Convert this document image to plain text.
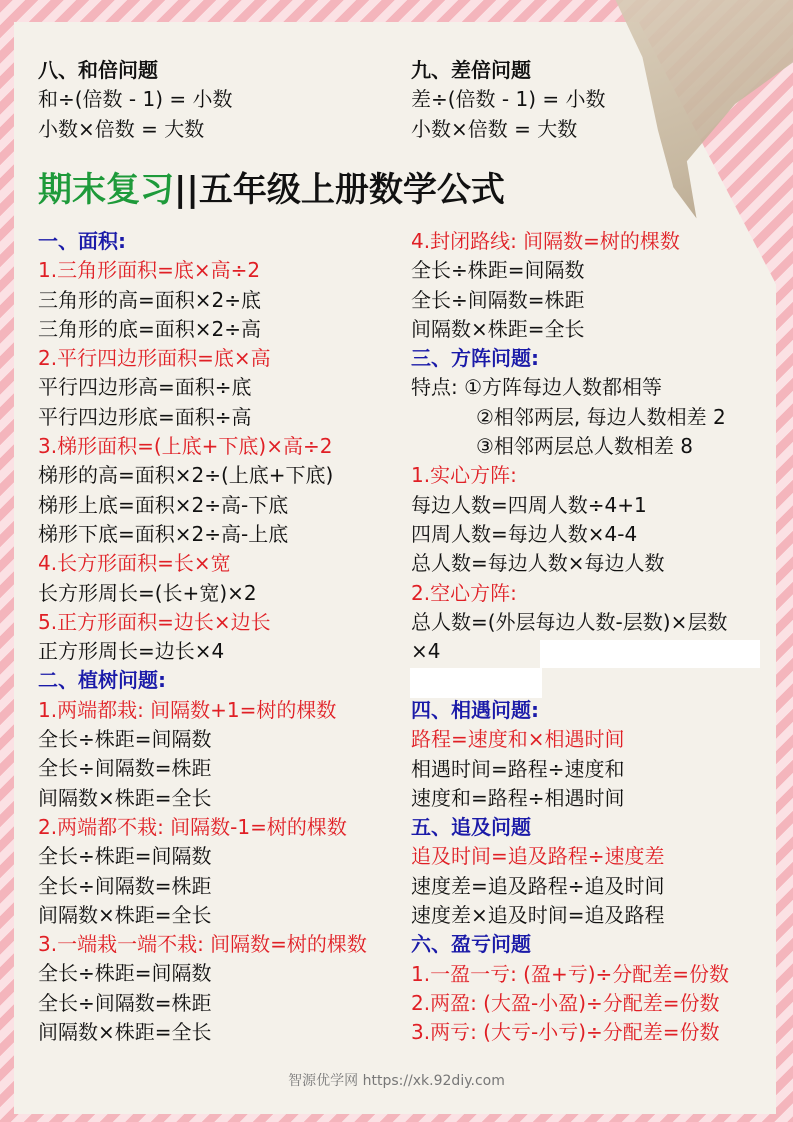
八、和倍问题
和÷(倍数 - 1) = 小数
小数×倍数 = 大数
九、差倍问题
差÷(倍数 - 1) = 小数
小数×倍数 = 大数
期末复习||五年级上册数学公式
一、面积:
1.三角形面积=底×高÷2
三角形的高=面积×2÷底
三角形的底=面积×2÷高
2.平行四边形面积=底×高
平行四边形高=面积÷底
平行四边形底=面积÷高
3.梯形面积=(上底+下底)×高÷2
梯形的高=面积×2÷(上底+下底)
梯形上底=面积×2÷高-下底
梯形下底=面积×2÷高-上底
4.长方形面积=长×宽
长方形周长=(长+宽)×2
5.正方形面积=边长×边长
正方形周长=边长×4
二、植树问题:
1.两端都栽: 间隔数+1=树的棵数
全长÷株距=间隔数
全长÷间隔数=株距
间隔数×株距=全长
2.两端都不栽: 间隔数-1=树的棵数
全长÷株距=间隔数
全长÷间隔数=株距
间隔数×株距=全长
3.一端栽一端不栽: 间隔数=树的棵数
全长÷株距=间隔数
全长÷间隔数=株距
间隔数×株距=全长
4.封闭路线: 间隔数=树的棵数
全长÷株距=间隔数
全长÷间隔数=株距
间隔数×株距=全长
三、方阵问题:
特点: ①方阵每边人数都相等
②相邻两层, 每边人数相差 2
③相邻两层总人数相差 8
1.实心方阵:
每边人数=四周人数÷4+1
四周人数=每边人数×4-4
总人数=每边人数×每边人数
2.空心方阵:
总人数=(外层每边人数-层数)×层数
×4
四、相遇问题:
路程=速度和×相遇时间
相遇时间=路程÷速度和
速度和=路程÷相遇时间
五、追及问题
追及时间=追及路程÷速度差
速度差=追及路程÷追及时间
速度差×追及时间=追及路程
六、盈亏问题
1.一盈一亏: (盈+亏)÷分配差=份数
2.两盈: (大盈-小盈)÷分配差=份数
3.两亏: (大亏-小亏)÷分配差=份数
智源优学网 https://xk.92diy.com
